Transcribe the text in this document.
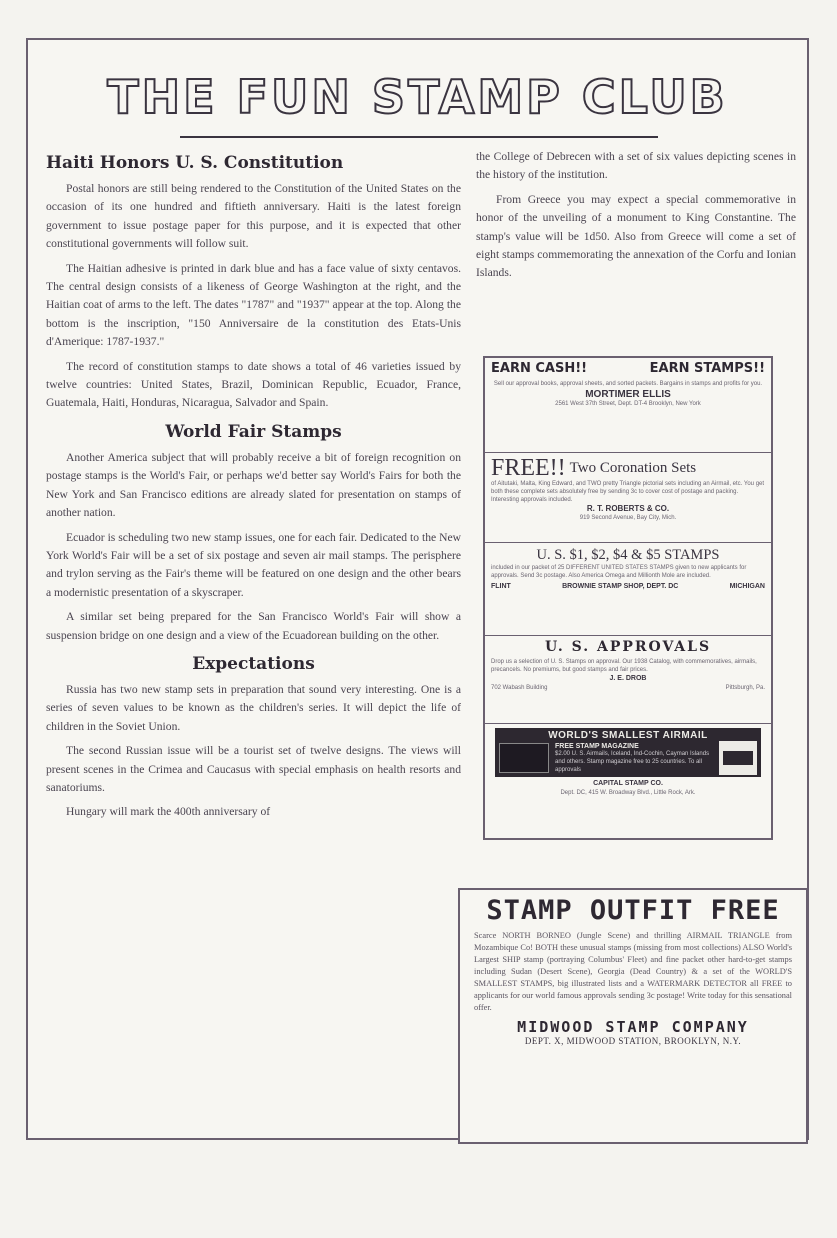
THE FUN STAMP CLUB
Haiti Honors U. S. Constitution

Postal honors are still being rendered to the Constitution of the United States on the occasion of its one hundred and fiftieth anniversary. Haiti is the latest foreign government to issue postage paper for this purpose, and it is expected that other constitutional governments will follow suit.

The Haitian adhesive is printed in dark blue and has a face value of sixty centavos. The central design consists of a likeness of George Washington at the right, and the Haitian coat of arms to the left. The dates "1787" and "1937" appear at the top. Along the bottom is the inscription, "150 Anniversaire de la constitution des Etats-Unis d'Amerique: 1787-1937."

The record of constitution stamps to date shows a total of 46 varieties issued by twelve countries: United States, Brazil, Dominican Republic, Ecuador, France, Guatemala, Haiti, Honduras, Nicaragua, Salvador and Spain.

World Fair Stamps

Another America subject that will probably receive a bit of foreign recognition on postage stamps is the World's Fair, or perhaps we'd better say World's Fairs for both the New York and San Francisco editions are already slated for presentation on stamps of another nation.

Ecuador is scheduling two new stamp issues, one for each fair. Dedicated to the New York World's Fair will be a set of six postage and seven air mail stamps. The perisphere and trylon serving as the Fair's theme will be featured on one design and the other bears a modernistic presentation of a skyscraper.

A similar set being prepared for the San Francisco World's Fair will show a suspension bridge on one design and a view of the Ecuadorean building on the other.

Expectations

Russia has two new stamp sets in preparation that sound very interesting. One is a series of seven values to be known as the children's series. It will depict the life of children in the Soviet Union.

The second Russian issue will be a tourist set of twelve designs. The views will present scenes in the Crimea and Caucasus with special emphasis on health resorts and sanatoriums.

Hungary will mark the 400th anniversary of

the College of Debrecen with a set of six values depicting scenes in the history of the institution.

From Greece you may expect a special commemorative in honor of the unveiling of a monument to King Constantine. The stamp's value will be 1d50. Also from Greece will come a set of eight stamps commemorating the annexation of the Corfu and Ionian Islands.

EARN CASH!!	EARN STAMPS!!
Sell our approval books, approval sheets, and sorted packets. Bargains in stamps and profits for you.
MORTIMER ELLIS
2561 West 37th Street, Dept. DT-4 Brooklyn, New York
FREE!! Two Coronation Sets
of Aitutaki, Malta, King Edward, and TWO pretty Triangle pictorial sets including an Airmail, etc. You get both these complete sets absolutely free by sending 3c to cover cost of postage and packing. Interesting approvals included.
R. T. ROBERTS & CO.
919 Second Avenue, Bay City, Mich.
U. S. $1, $2, $4 & $5 STAMPS
included in our packet of 25 DIFFERENT UNITED STATES STAMPS given to new applicants for approvals. Send 3c postage. Also America Omega and Millionth Mole are included.
FLINT	BROWNIE STAMP SHOP, DEPT. DC	MICHIGAN
U. S. APPROVALS
Drop us a selection of U. S. Stamps on approval. Our 1938 Catalog, with commemoratives, airmails, precancels. No premiums, but good stamps and fair prices.
J. E. DROB
702 Wabash Building	Pittsburgh, Pa.
WORLD'S SMALLEST AIRMAIL
FREE STAMP MAGAZINE
$2.00 U. S. Airmails, Iceland, Ind-Cochin, Cayman Islands and others. Stamp magazine free to 25 countries. To all approvals
CAPITAL STAMP CO.
Dept. DC, 415 W. Broadway Blvd., Little Rock, Ark.
STAMP OUTFIT FREE
Scarce NORTH BORNEO (Jungle Scene) and thrilling AIRMAIL TRIANGLE from Mozambique Co! BOTH these unusual stamps (missing from most collections) ALSO World's Largest SHIP stamp (portraying Columbus' Fleet) and fine packet other hard-to-get stamps including Sudan (Desert Scene), Georgia (Dead Country) & a set of the WORLD'S SMALLEST STAMPS, big illustrated lists and a WATERMARK DETECTOR all FREE to applicants for our world famous approvals sending 3c postage! Write today for this sensational offer.
MIDWOOD STAMP COMPANY
DEPT. X, MIDWOOD STATION, BROOKLYN, N.Y.
